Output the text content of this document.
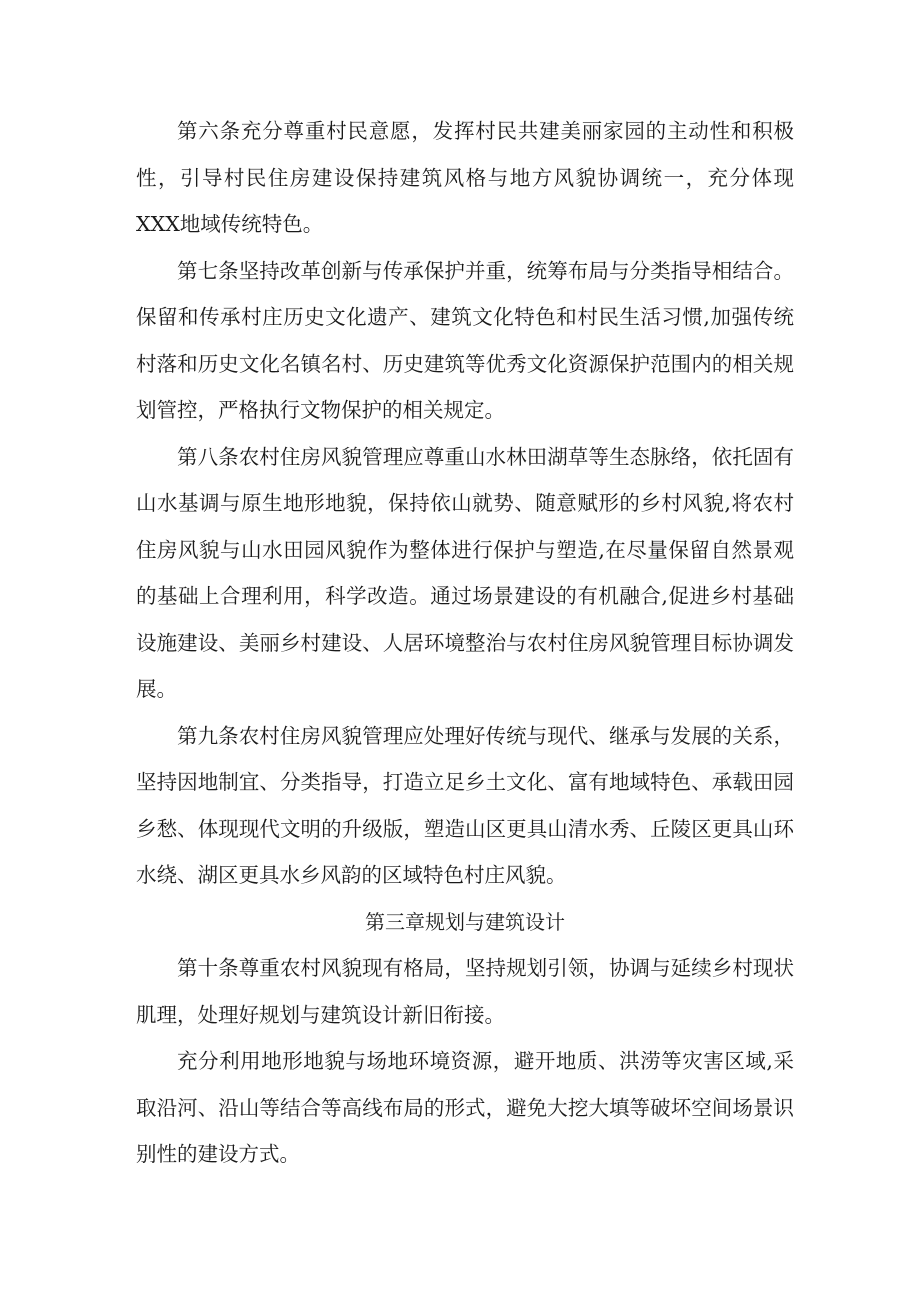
第六条充分尊重村民意愿，发挥村民共建美丽家园的主动性和积极性，引导村民住房建设保持建筑风格与地方风貌协调统一，充分体现XXX地域传统特色。

第七条坚持改革创新与传承保护并重，统筹布局与分类指导相结合。保留和传承村庄历史文化遗产、建筑文化特色和村民生活习惯,加强传统村落和历史文化名镇名村、历史建筑等优秀文化资源保护范围内的相关规划管控，严格执行文物保护的相关规定。

第八条农村住房风貌管理应尊重山水林田湖草等生态脉络，依托固有山水基调与原生地形地貌，保持依山就势、随意赋形的乡村风貌,将农村住房风貌与山水田园风貌作为整体进行保护与塑造,在尽量保留自然景观的基础上合理利用，科学改造。通过场景建设的有机融合,促进乡村基础设施建设、美丽乡村建设、人居环境整治与农村住房风貌管理目标协调发展。

第九条农村住房风貌管理应处理好传统与现代、继承与发展的关系，坚持因地制宜、分类指导，打造立足乡土文化、富有地域特色、承载田园乡愁、体现现代文明的升级版，塑造山区更具山清水秀、丘陵区更具山环水绕、湖区更具水乡风韵的区域特色村庄风貌。

第三章规划与建筑设计

第十条尊重农村风貌现有格局，坚持规划引领，协调与延续乡村现状肌理，处理好规划与建筑设计新旧衔接。

充分利用地形地貌与场地环境资源，避开地质、洪涝等灾害区域,采取沿河、沿山等结合等高线布局的形式，避免大挖大填等破坏空间场景识别性的建设方式。
